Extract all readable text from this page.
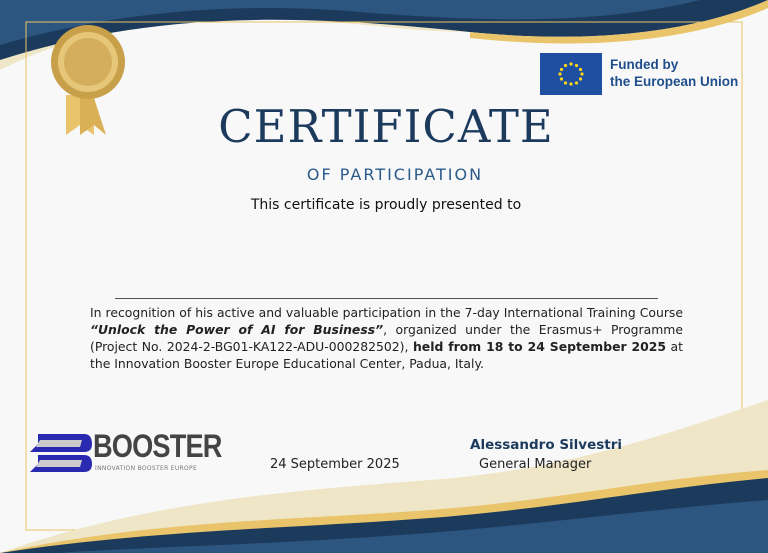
Funded by
the European Union
CERTIFICATE
OF PARTICIPATION
This certificate is proudly presented to
In recognition of his active and valuable participation in the 7-day International Training Course “Unlock the Power of AI for Business”, organized under the Erasmus+ Programme (Project No. 2024-2-BG01-KA122-ADU-000282502), held from 18 to 24 September 2025 at the Innovation Booster Europe Educational Center, Padua, Italy.
BOOSTER
INNOVATION BOOSTER EUROPE	24 September 2025
Alessandro Silvestri
General Manager
